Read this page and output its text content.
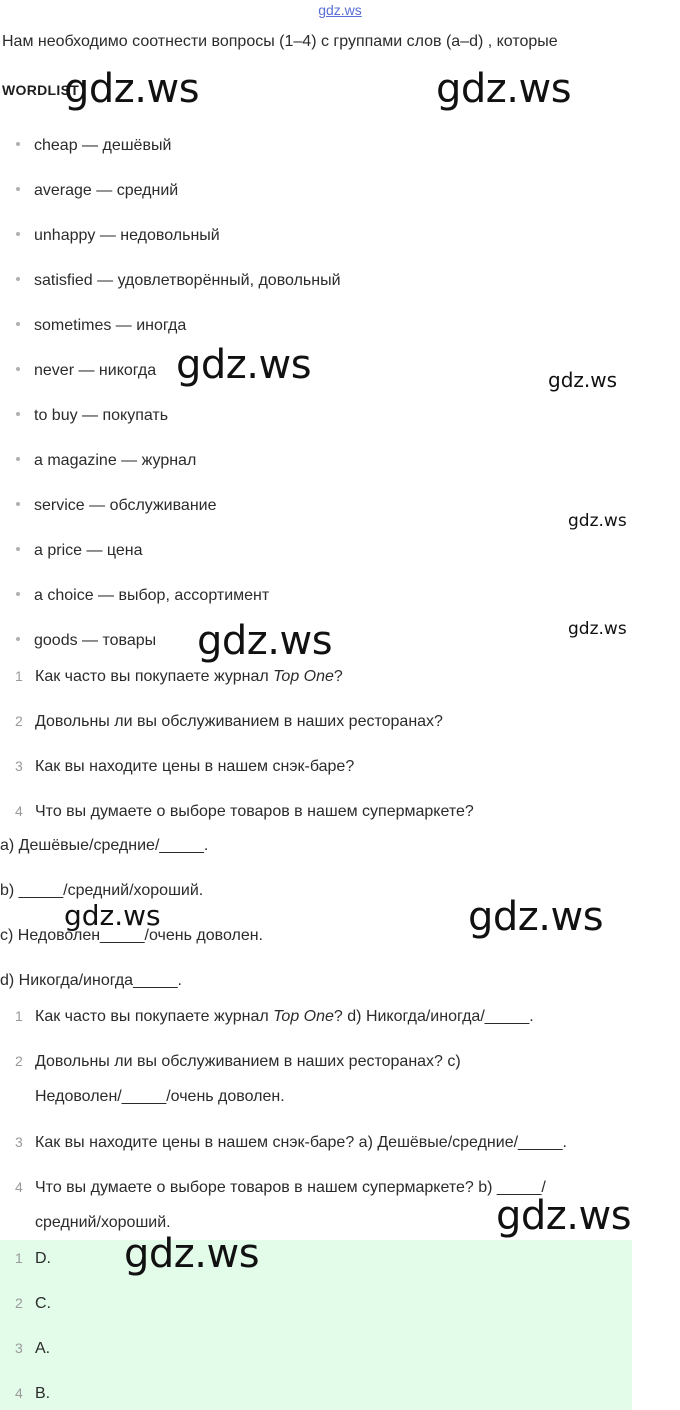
gdz.ws
Нам необходимо соотнести вопросы (1–4) с группами слов (a–d) , которые
WORDLIST
cheap — дешёвый
average — средний
unhappy — недовольный
satisfied — удовлетворённый, довольный
sometimes — иногда
never — никогда
to buy — покупать
a magazine — журнал
service — обслуживание
a price — цена
a choice — выбор, ассортимент
goods — товары
1 Как часто вы покупаете журнал Top One?
2 Довольны ли вы обслуживанием в наших ресторанах?
3 Как вы находите цены в нашем снэк-баре?
4 Что вы думаете о выборе товаров в нашем супермаркете?
a) Дешёвые/средние/_____.
b) _____/средний/хороший.
c) Недоволен_____/очень доволен.
d) Никогда/иногда_____.
1 Как часто вы покупаете журнал Top One? d) Никогда/иногда/_____.
2 Довольны ли вы обслуживанием в наших ресторанах? c)
Недоволен/_____/очень доволен.
3 Как вы находите цены в нашем снэк-баре? a) Дешёвые/средние/_____.
4 Что вы думаете о выборе товаров в нашем супермаркете? b) _____/
средний/хороший.
1 D.
2 C.
3 A.
4 B.
gdz.ws	gdz.ws
gdz.ws	gdz.ws
gdz.ws
gdz.ws	gdz.ws
gdz.ws	gdz.ws
gdz.ws
gdz.ws
